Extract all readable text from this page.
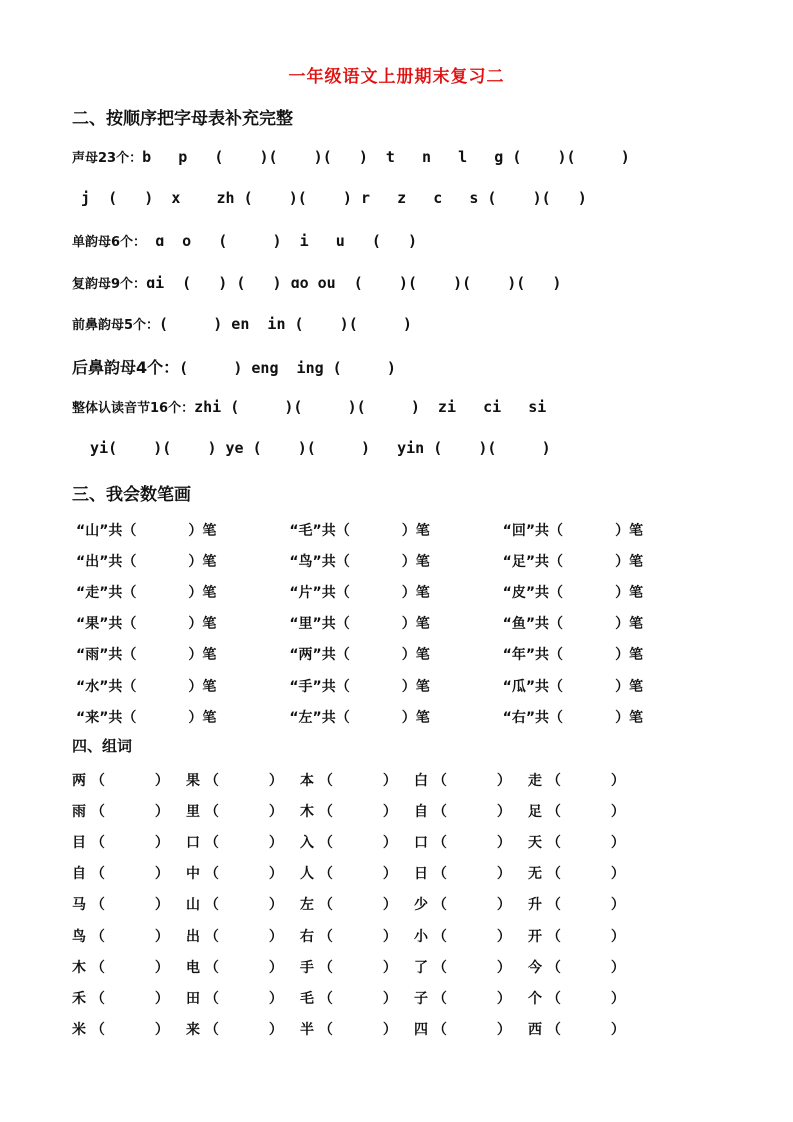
一年级语文上册期末复习二
二、按顺序把字母表补充完整
声母23个：b   p   (    )(    )(   )  t   n   l   g (    )(     )
j  (   )  x    zh (    )(    ) r   z   c   s (    )(   )
单韵母6个： ɑ  o   (     )  i   u   (   )
复韵母9个：ɑi  (   ) (   ) ɑo ou  (    )(    )(    )(   )
前鼻韵母5个：(     ) en  in (    )(     )
后鼻韵母4个：(     ) eng  ing (     )
整体认读音节16个：zhi (     )(     )(     )  zi   ci   si
yi(    )(    ) ye (    )(     )   yin (    )(     )
三、我会数笔画
“山”共（	）笔	“毛”共（	）笔	“回”共（	）笔
“出”共（	）笔	“鸟”共（	）笔	“足”共（	）笔
“走”共（	）笔	“片”共（	）笔	“皮”共（	）笔
“果”共（	）笔	“里”共（	）笔	“鱼”共（	）笔
“雨”共（	）笔	“两”共（	）笔	“年”共（	）笔
“水”共（	）笔	“手”共（	）笔	“瓜”共（	）笔
“来”共（	）笔	“左”共（	）笔	“右”共（	）笔
四、组词
两 （	） 果 （	） 本 （	） 白 （	） 走 （	）
雨 （	） 里 （	） 木 （	） 自 （	） 足 （	）
目 （	） 口 （	） 入 （	） 口 （	） 天 （	）
自 （	） 中 （	） 人 （	） 日 （	） 无 （	）
马 （	） 山 （	） 左 （	） 少 （	） 升 （	）
鸟 （	） 出 （	） 右 （	） 小 （	） 开 （	）
木 （	） 电 （	） 手 （	） 了 （	） 今 （	）
禾 （	） 田 （	） 毛 （	） 子 （	） 个 （	）
米 （	） 来 （	） 半 （	） 四 （	） 西 （	）
